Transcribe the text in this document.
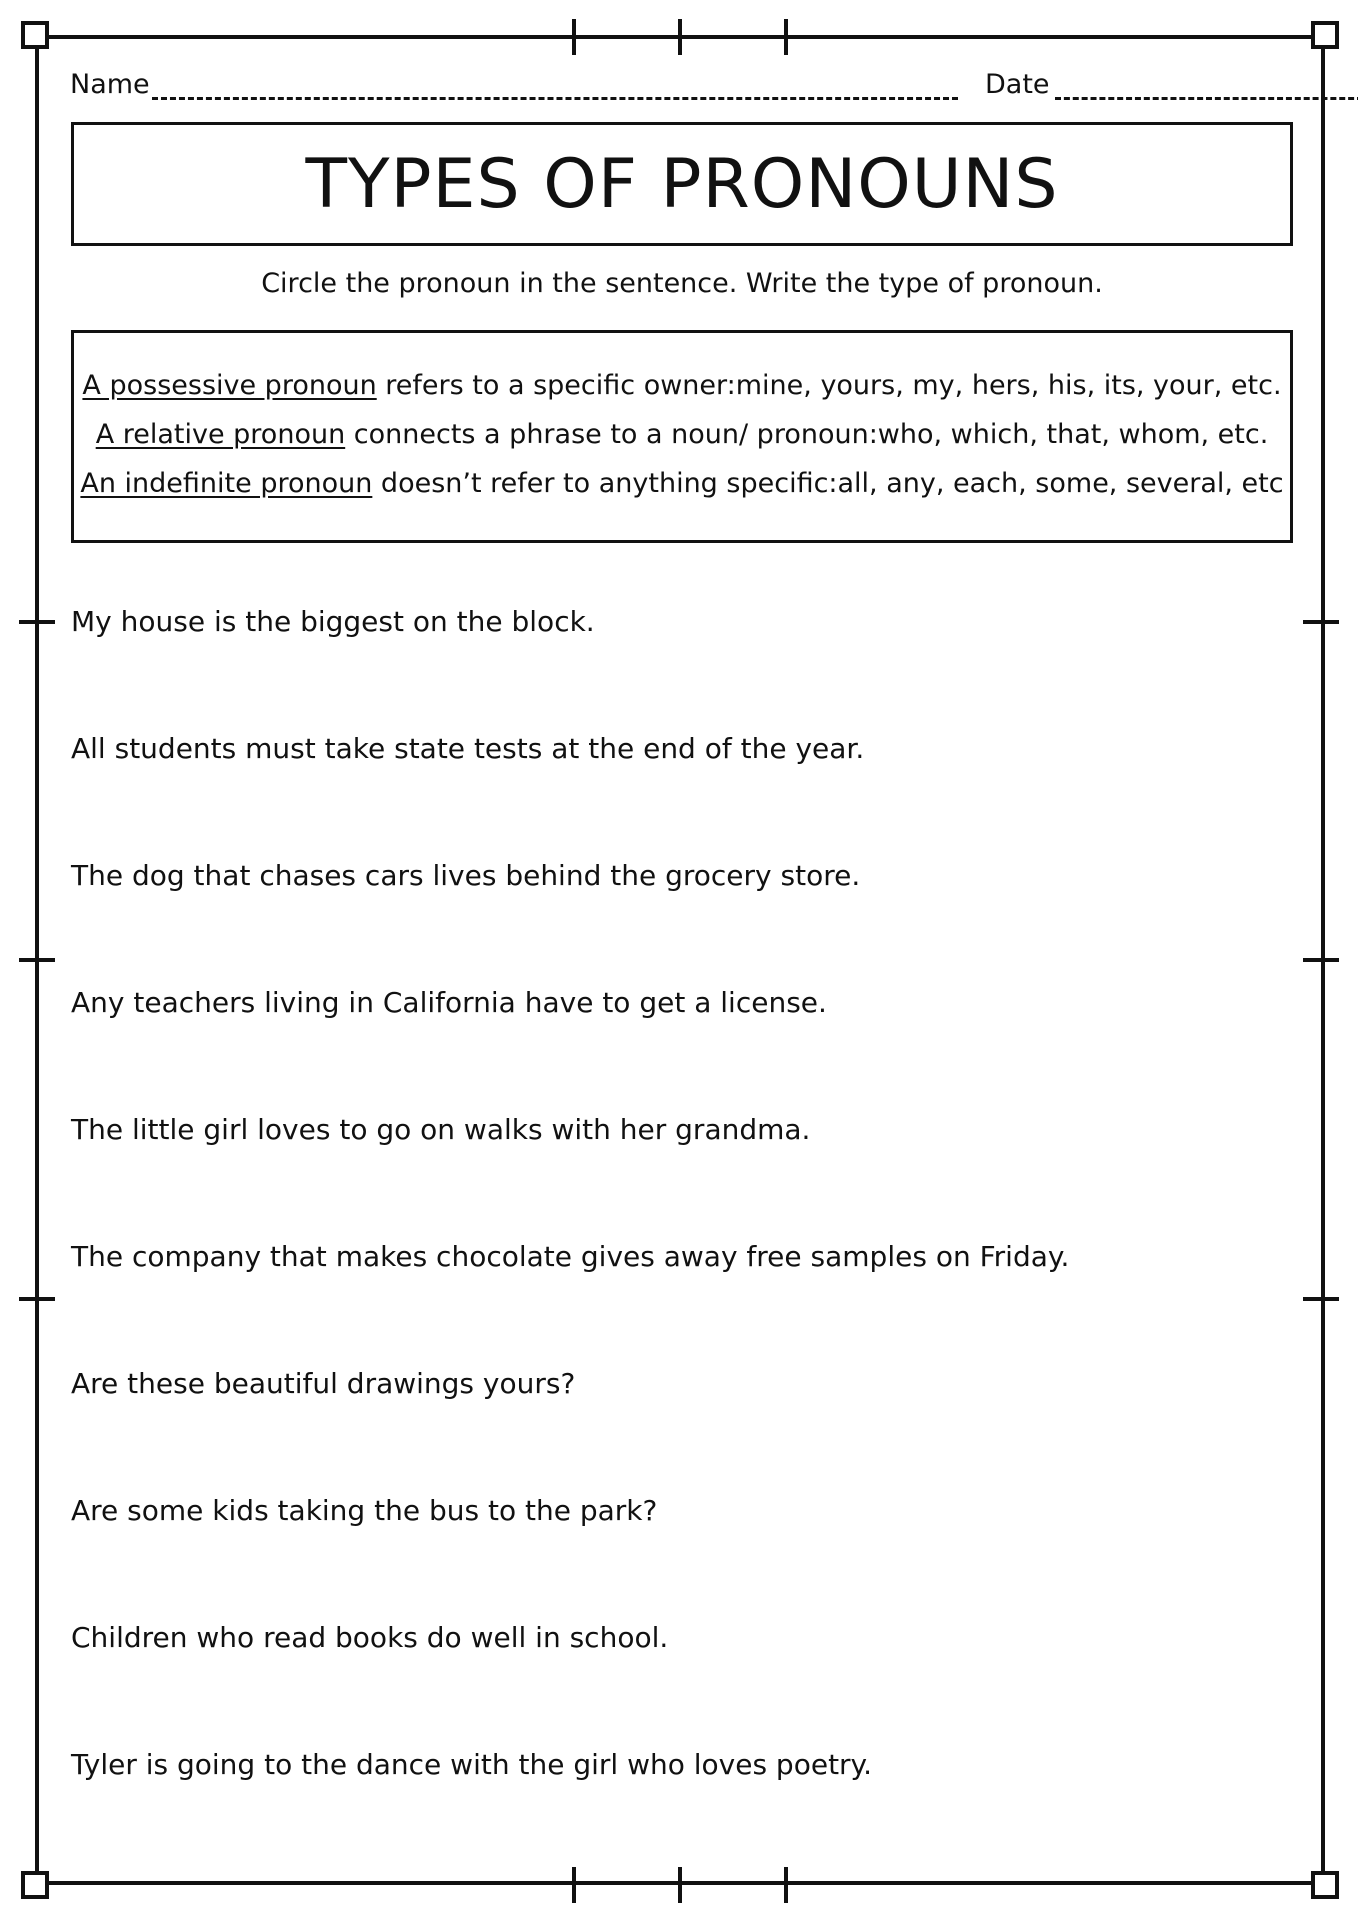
Name	Date
TYPES OF PRONOUNS
Circle the pronoun in the sentence. Write the type of pronoun.
A possessive pronoun refers to a specific owner:mine, yours, my, hers, his, its, your, etc.
A relative pronoun connects a phrase to a noun/ pronoun:who, which, that, whom, etc.
An indefinite pronoun doesn’t refer to anything specific:all, any, each, some, several, etc
My house is the biggest on the block.
All students must take state tests at the end of the year.
The dog that chases cars lives behind the grocery store.
Any teachers living in California have to get a license.
The little girl loves to go on walks with her grandma.
The company that makes chocolate gives away free samples on Friday.
Are these beautiful drawings yours?
Are some kids taking the bus to the park?
Children who read books do well in school.
Tyler is going to the dance with the girl who loves poetry.
